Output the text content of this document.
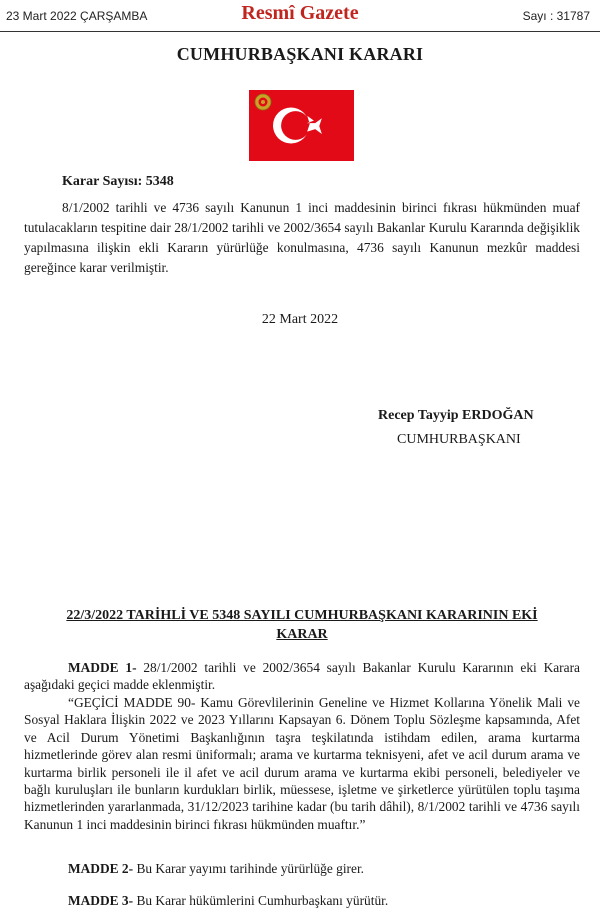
23 Mart 2022 ÇARŞAMBA	Resmî Gazete	Sayı : 31787
CUMHURBAŞKANI KARARI
Karar Sayısı: 5348

8/1/2002 tarihli ve 4736 sayılı Kanunun 1 inci maddesinin birinci fıkrası hükmünden muaf tutulacakların tespitine dair 28/1/2002 tarihli ve 2002/3654 sayılı Bakanlar Kurulu Kararında değişiklik yapılmasına ilişkin ekli Kararın yürürlüğe konulmasına, 4736 sayılı Kanunun mezkûr maddesi gereğince karar verilmiştir.

22 Mart 2022
Recep Tayyip ERDOĞAN
CUMHURBAŞKANI
22/3/2022 TARİHLİ VE 5348 SAYILI CUMHURBAŞKANI KARARININ EKİ
KARAR

MADDE 1- 28/1/2002 tarihli ve 2002/3654 sayılı Bakanlar Kurulu Kararının eki Karara aşağıdaki geçici madde eklenmiştir.

“GEÇİCİ MADDE 90- Kamu Görevlilerinin Geneline ve Hizmet Kollarına Yönelik Mali ve Sosyal Haklara İlişkin 2022 ve 2023 Yıllarını Kapsayan 6. Dönem Toplu Sözleşme kapsamında, Afet ve Acil Durum Yönetimi Başkanlığının taşra teşkilatında istihdam edilen, arama kurtarma hizmetlerinde görev alan resmi üniformalı; arama ve kurtarma teknisyeni, afet ve acil durum arama ve kurtarma birlik personeli ile il afet ve acil durum arama ve kurtarma ekibi personeli, belediyeler ve bağlı kuruluşları ile bunların kurdukları birlik, müessese, işletme ve şirketlerce yürütülen toplu taşıma hizmetlerinden yararlanmada, 31/12/2023 tarihine kadar (bu tarih dâhil), 8/1/2002 tarihli ve 4736 sayılı Kanunun 1 inci maddesinin birinci fıkrası hükmünden muaftır.”

MADDE 2- Bu Karar yayımı tarihinde yürürlüğe girer.

MADDE 3- Bu Karar hükümlerini Cumhurbaşkanı yürütür.
